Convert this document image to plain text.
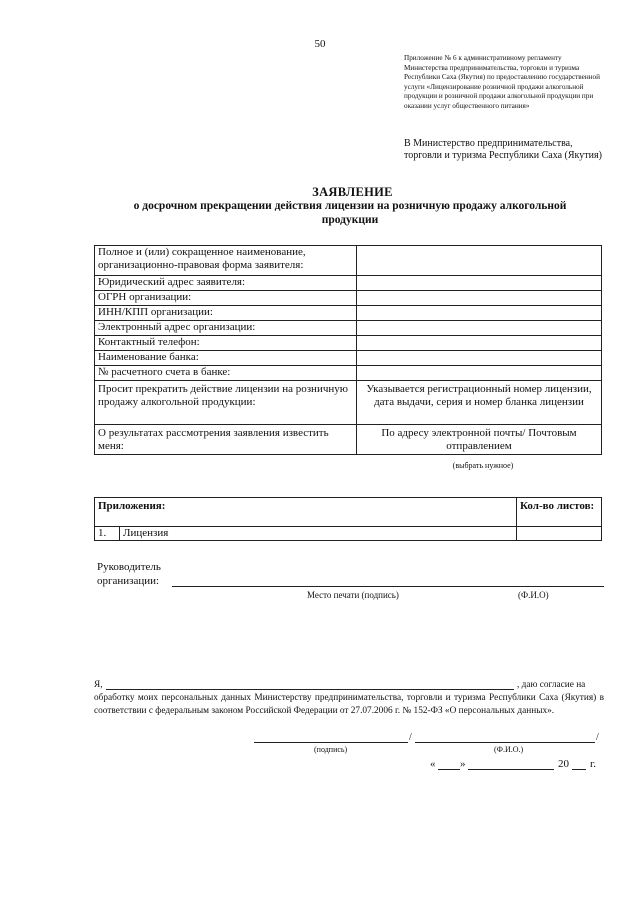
50
Приложение № 6 к административному регламенту Министерства предпринимательства, торговли и туризма Республики Саха (Якутия) по предоставлению государственной услуги «Лицензирование розничной продажи алкогольной продукции и розничной продажи алкогольной продукции при оказании услуг общественного питания»
В Министерство предпринимательства, торговли и туризма Республики Саха (Якутия)
ЗАЯВЛЕНИЕ
о досрочном прекращении действия лицензии на розничную продажу алкогольной продукции
Полное и (или) сокращенное наименование, организационно-правовая форма заявителя:	
Юридический адрес заявителя:	
ОГРН организации:	
ИНН/КПП организации:	
Электронный адрес организации:	
Контактный телефон:	
Наименование банка:	
№ расчетного счета в банке:	
Просит прекратить действие лицензии на розничную продажу алкогольной продукции:	Указывается регистрационный номер лицензии, дата выдачи, серия и номер бланка лицензии
О результатах рассмотрения заявления известить меня:	По адресу электронной почты/ Почтовым отправлением
(выбрать нужное)
Приложения:		Кол-во листов:
1.	Лицензия	
Руководитель организации:
Место печати (подпись)	(Ф.И.О)
Я,	, даю согласие на
обработку моих персональных данных Министерству предпринимательства, торговли и туризма Республики Саха (Якутия) в соответствии с федеральным законом Российской Федерации от 27.07.2006 г. № 152-ФЗ «О персональных данных».
/	/
(подпись)	(Ф.И.О.)
« »	20 г.
